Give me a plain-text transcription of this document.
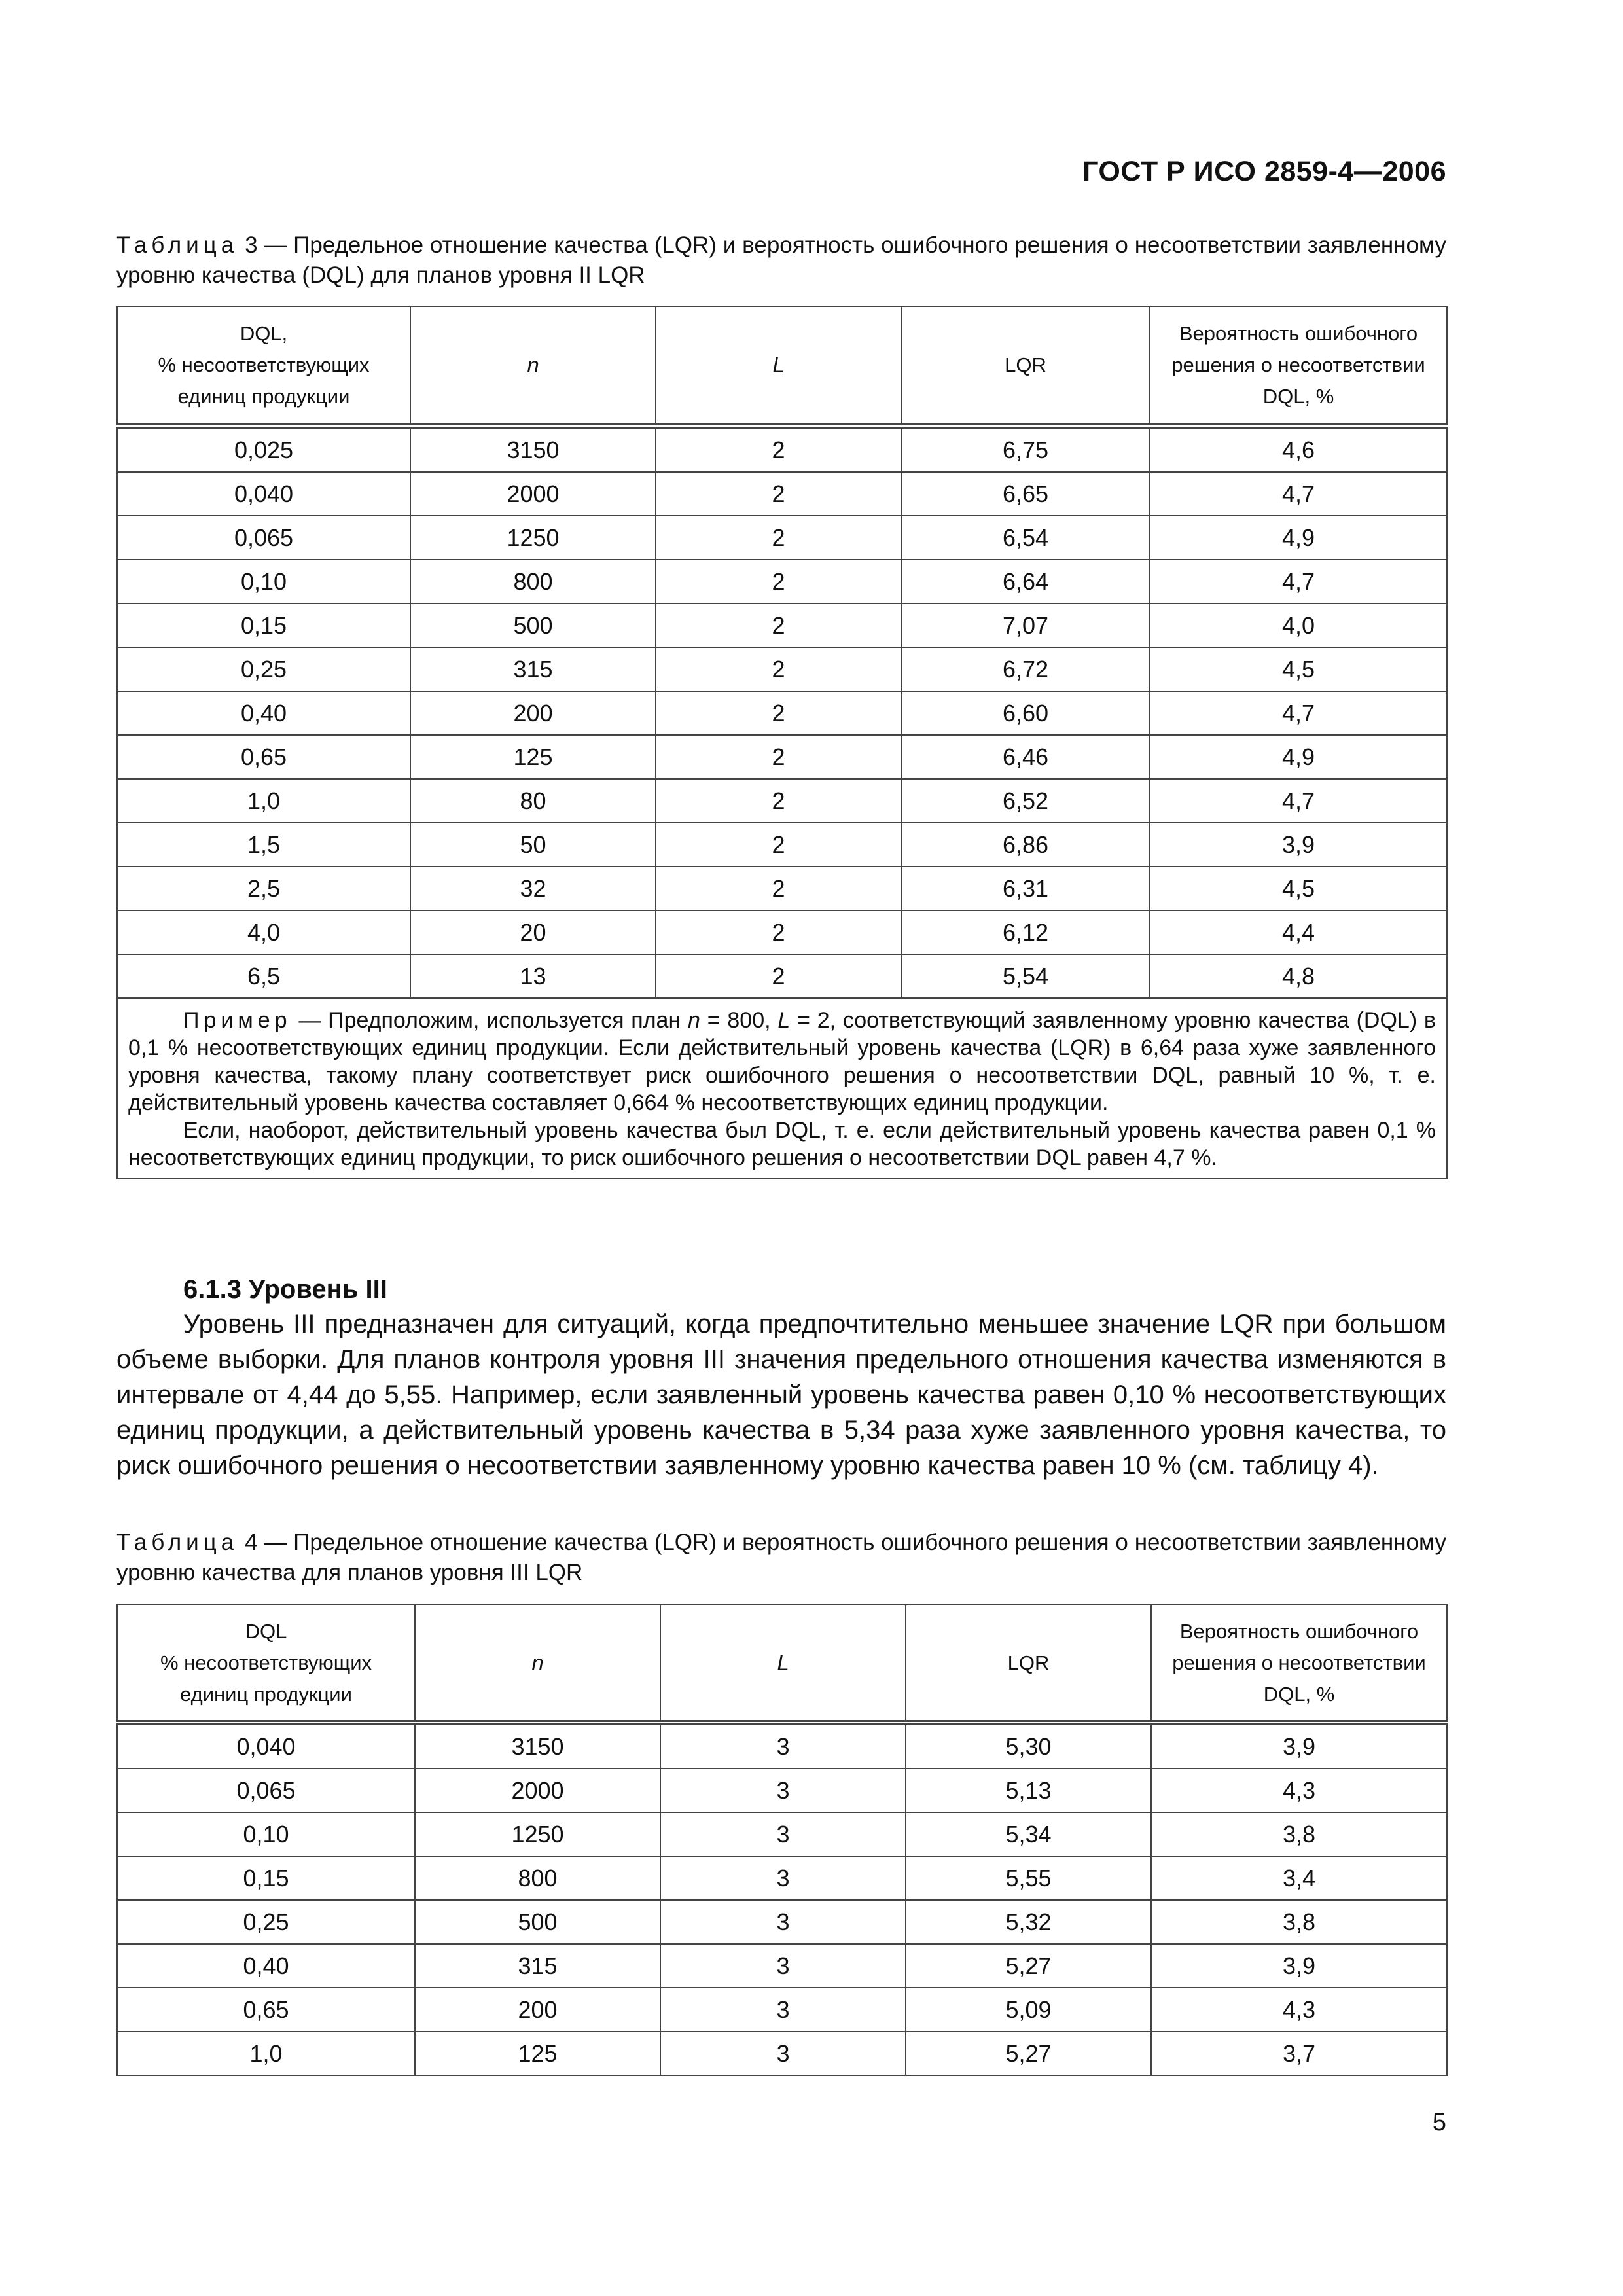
ГОСТ Р ИСО 2859-4—2006
Таблица 3 — Предельное отношение качества (LQR) и вероятность ошибочного решения о несоответствии заявленному уровню качества (DQL) для планов уровня II LQR
DQL,
% несоответствующих
единиц продукции	n	L	LQR	Вероятность ошибочного
решения о несоответствии
DQL, %
0,025	3150	2	6,75	4,6
0,040	2000	2	6,65	4,7
0,065	1250	2	6,54	4,9
0,10	800	2	6,64	4,7
0,15	500	2	7,07	4,0
0,25	315	2	6,72	4,5
0,40	200	2	6,60	4,7
0,65	125	2	6,46	4,9
1,0	80	2	6,52	4,7
1,5	50	2	6,86	3,9
2,5	32	2	6,31	4,5
4,0	20	2	6,12	4,4
6,5	13	2	5,54	4,8

Пример — Предположим, используется план n = 800, L = 2, соответствующий заявленному уровню качества (DQL) в 0,1 % несоответствующих единиц продукции. Если действительный уровень качества (LQR) в 6,64 раза хуже заявленного уровня качества, такому плану соответствует риск ошибочного решения о несоответствии DQL, равный 10 %, т. е. действительный уровень качества составляет 0,664 % несоответствующих единиц продукции.

Если, наоборот, действительный уровень качества был DQL, т. е. если действительный уровень качества равен 0,1 % несоответствующих единиц продукции, то риск ошибочного решения о несоответствии DQL равен 4,7 %.				

6.1.3 Уровень III
Уровень III предназначен для ситуаций, когда предпочтительно меньшее значение LQR при большом объеме выборки. Для планов контроля уровня III значения предельного отношения качества изменяются в интервале от 4,44 до 5,55. Например, если заявленный уровень качества равен 0,10 % несоответствующих единиц продукции, а действительный уровень качества в 5,34 раза хуже заявленного уровня качества, то риск ошибочного решения о несоответствии заявленному уровню качества равен 10 % (см. таблицу 4).
Таблица 4 — Предельное отношение качества (LQR) и вероятность ошибочного решения о несоответствии заявленному уровню качества для планов уровня III LQR
DQL
% несоответствующих
единиц продукции	n	L	LQR	Вероятность ошибочного
решения о несоответствии
DQL, %
0,040	3150	3	5,30	3,9
0,065	2000	3	5,13	4,3
0,10	1250	3	5,34	3,8
0,15	800	3	5,55	3,4
0,25	500	3	5,32	3,8
0,40	315	3	5,27	3,9
0,65	200	3	5,09	4,3
1,0	125	3	5,27	3,7
5
